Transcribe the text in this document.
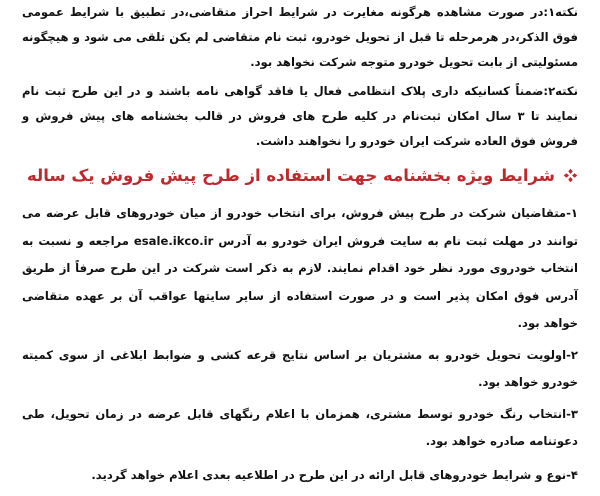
نکته۱:در صورت مشاهده هرگونه مغایرت در شرایط احراز متقاضی،در تطبیق با شرایط عمومی فوق الذکر،در هرمرحله تا قبل از تحویل خودرو، ثبت نام متقاضی لم یکن تلقی می شود و هیچگونه مسئولیتی از بابت تحویل خودرو متوجه شرکت نخواهد بود.

نکته۲:ضمناً کسانیکه داری پلاک انتظامی فعال یا فاقد گواهی نامه باشند و در این طرح ثبت نام نمایند تا ۳ سال امکان ثبت‌نام در کلیه طرح های فروش در قالب بخشنامه های پیش فروش و فروش فوق العاده شرکت ایران خودرو را نخواهند داشت.

شرایط ویژه بخشنامه جهت استفاده از طرح پیش فروش یک ساله

۱-متقاضیان شرکت در طرح پیش فروش، برای انتخاب خودرو از میان خودروهای قابل عرضه می توانند در مهلت ثبت نام به سایت فروش ایران خودرو به آدرس esale.ikco.ir مراجعه و نسبت به انتخاب خودروی مورد نظر خود اقدام نمایند. لازم به ذکر است شرکت در این طرح صرفاً از طریق آدرس فوق امکان پذیر است و در صورت استفاده از سایر سایتها عواقب آن بر عهده متقاضی خواهد بود.

۲-اولویت تحویل خودرو به مشتریان بر اساس نتایج قرعه کشی و ضوابط ابلاغی از سوی کمیته خودرو خواهد بود.

۳-انتخاب رنگ خودرو توسط مشتری، همزمان با اعلام رنگهای قابل عرضه در زمان تحویل، طی دعوتنامه صادره خواهد بود.

۴-نوع و شرایط خودروهای قابل ارائه در این طرح در اطلاعیه بعدی اعلام خواهد گردید.
